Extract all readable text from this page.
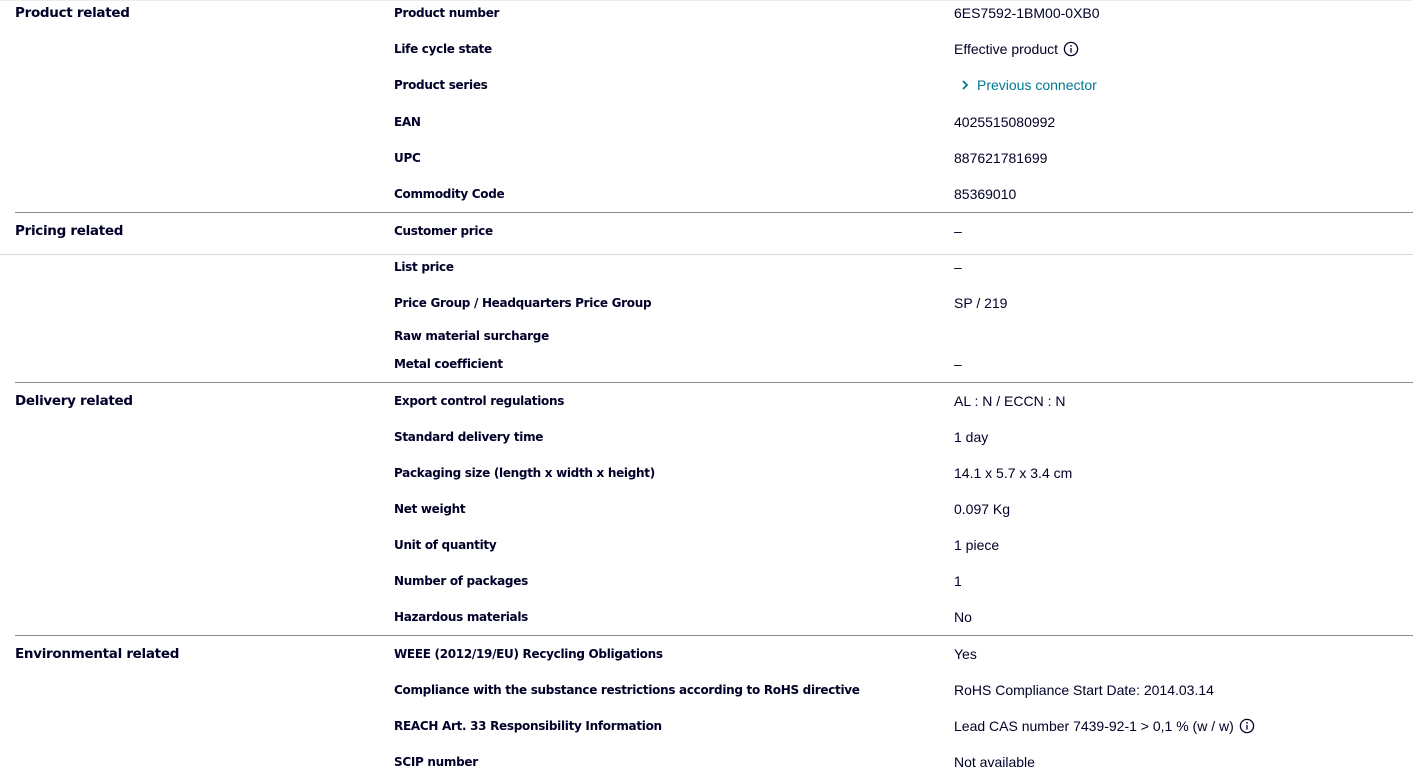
Product related	Product number	6ES7592-1BM00-0XB0
Life cycle state	Effective product
Product series	Previous connector
EAN	4025515080992
UPC	887621781699
Commodity Code	85369010
Pricing related	Customer price	–
List price	–
Price Group / Headquarters Price Group	SP / 219
Raw material surcharge
Metal coefficient	–
Delivery related	Export control regulations	AL : N / ECCN : N
Standard delivery time	1 day
Packaging size (length x width x height)	14.1 x 5.7 x 3.4 cm
Net weight	0.097 Kg
Unit of quantity	1 piece
Number of packages	1
Hazardous materials	No
Environmental related	WEEE (2012/19/EU) Recycling Obligations	Yes
Compliance with the substance restrictions according to RoHS directive	RoHS Compliance Start Date: 2014.03.14
REACH Art. 33 Responsibility Information	Lead CAS number 7439-92-1 > 0,1 % (w / w)
SCIP number	Not available
